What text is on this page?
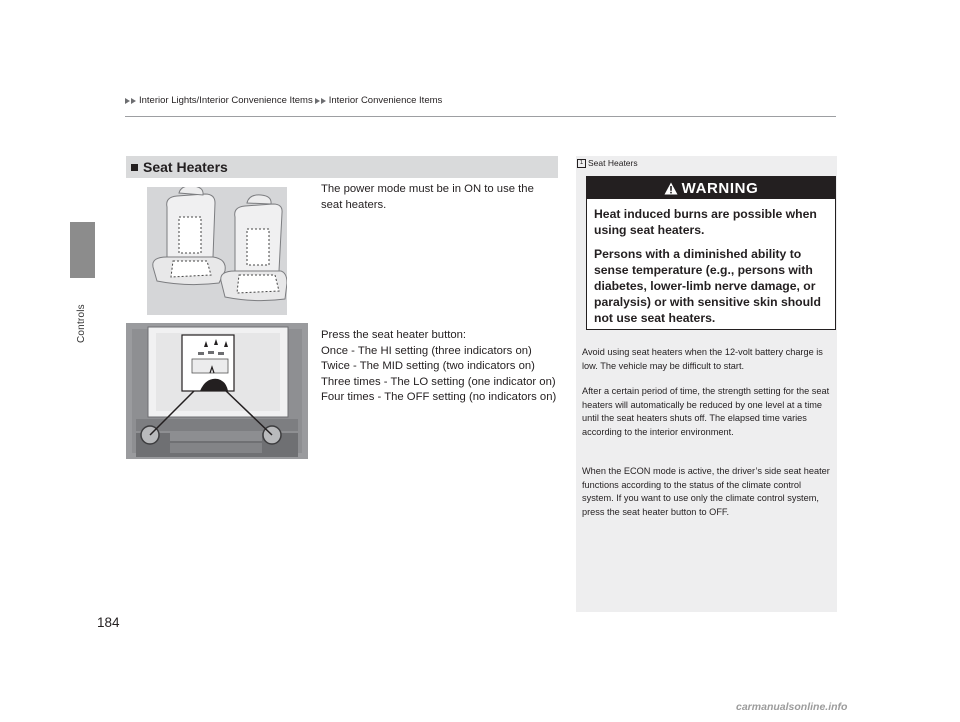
Interior Lights/Interior Convenience Items Interior Convenience Items
Controls
Seat Heaters
The power mode must be in ON to use the seat heaters.
Press the seat heater button:
Once - The HI setting (three indicators on)
Twice - The MID setting (two indicators on)
Three times - The LO setting (one indicator on)
Four times - The OFF setting (no indicators on)
1 Seat Heaters
WARNING
Heat induced burns are possible when using seat heaters.
Persons with a diminished ability to sense temperature (e.g., persons with diabetes, lower-limb nerve damage, or paralysis) or with sensitive skin should not use seat heaters.
Avoid using seat heaters when the 12-volt battery charge is low. The vehicle may be difficult to start.
After a certain period of time, the strength setting for the seat heaters will automatically be reduced by one level at a time until the seat heaters shuts off. The elapsed time varies according to the interior environment.
When the ECON mode is active, the driver’s side seat heater functions according to the status of the climate control system. If you want to use only the climate control system, press the seat heater button to OFF.
184
carmanualsonline.info
